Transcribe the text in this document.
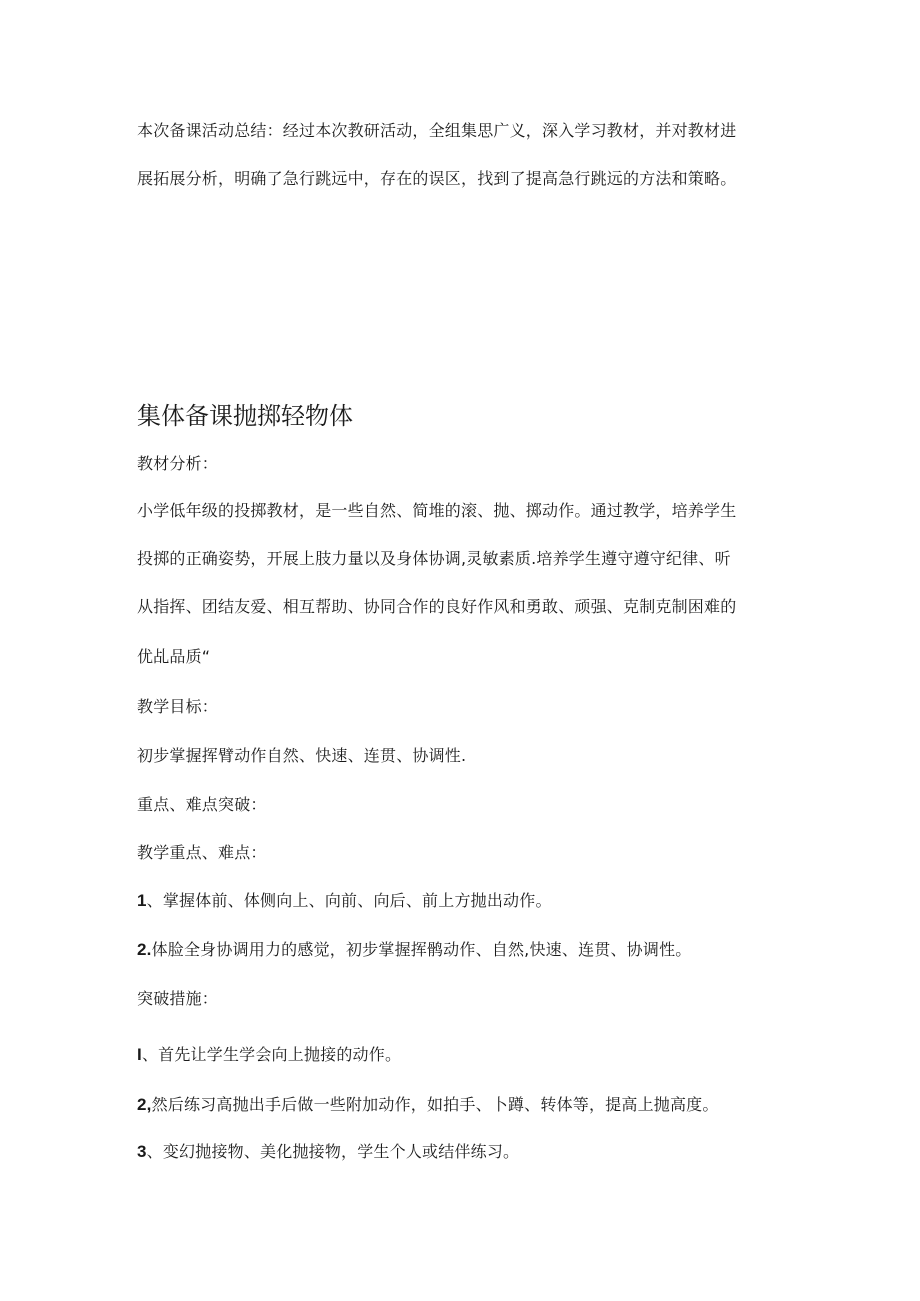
本次备课活动总结：经过本次教研活动，全组集思广义，深入学习教材，并对教材进
展拓展分析，明确了急行跳远中，存在的误区，找到了提高急行跳远的方法和策略。
集体备课抛掷轻物体
教材分析：
小学低年级的投掷教材，是一些自然、简堆的滚、抛、掷动作。通过教学，培养学生
投掷的正确姿势，开展上肢力量以及身体协调,灵敏素质.培养学生遵守遵守纪律、听
从指挥、团结友爱、相互帮助、协同合作的良好作风和勇敢、顽强、克制克制困难的
优乩品质“
教学目标：
初步掌握挥臂动作自然、快速、连贯、协调性.
重点、难点突破：
教学重点、难点：
1、掌握体前、体侧向上、向前、向后、前上方抛出动作。
2.体脸全身协调用力的感觉，初步掌握挥鹘动作、自然,快速、连贯、协调性。
突破措施：
I、首先让学生学会向上抛接的动作。
2,然后练习高抛出手后做一些附加动作，如拍手、卜蹲、转体等，提高上抛高度。
3、变幻抛接物、美化抛接物，学生个人或结伴练习。
